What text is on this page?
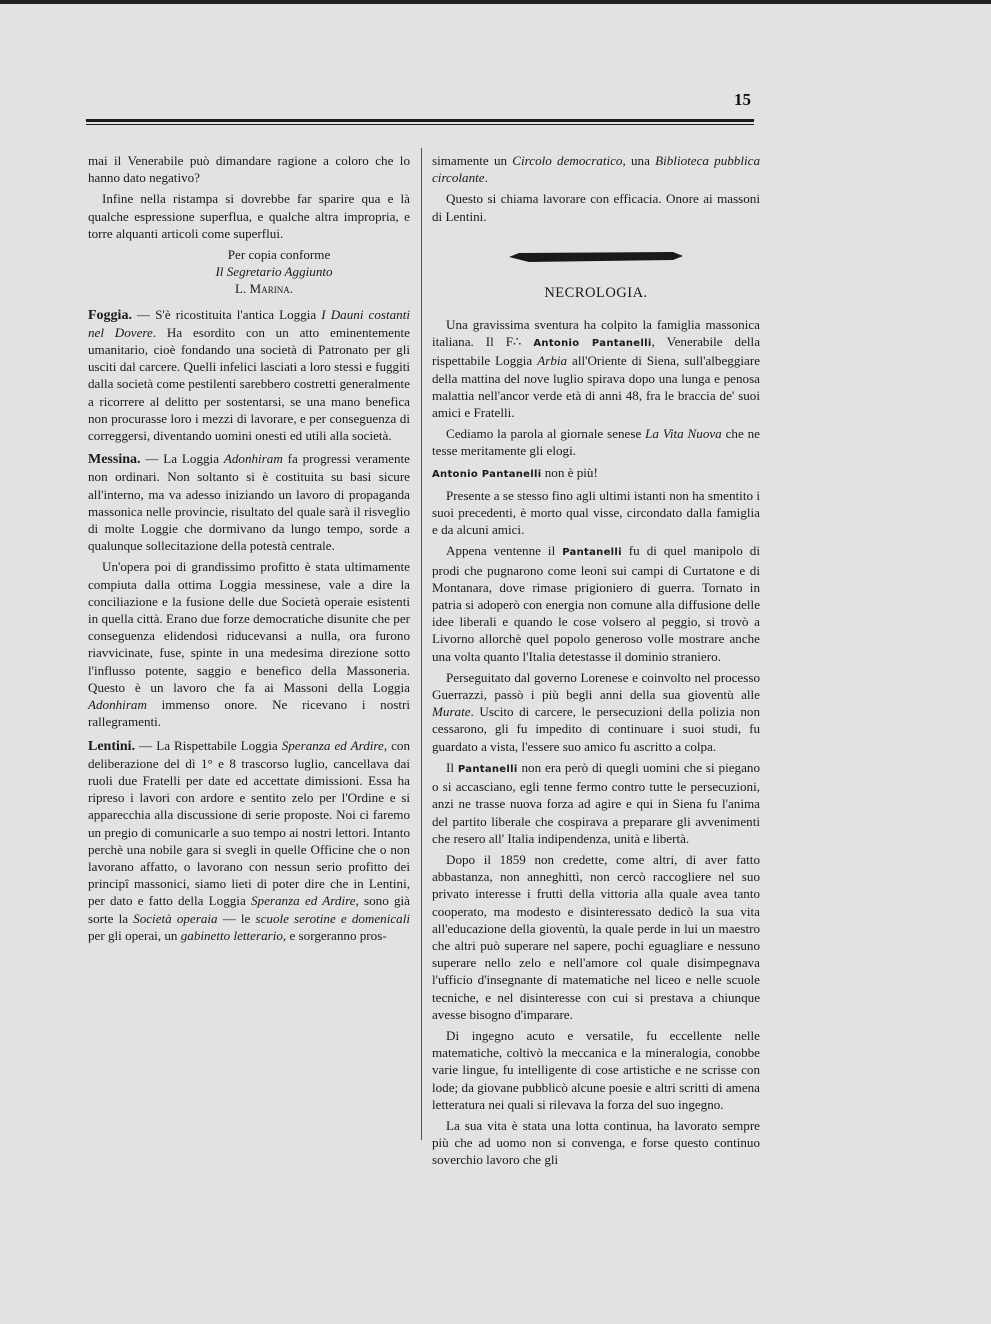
15

mai il Venerabile può dimandare ragione a coloro che lo hanno dato negativo?

Infine nella ristampa si dovrebbe far sparire qua e là qualche espressione superflua, e qualche altra impropria, e torre alquanti articoli come superflui.

Per copia conforme
Il Segretario Aggiunto
L. Marina.

Foggia. — S'è ricostituita l'antica Loggia I Dauni costanti nel Dovere. Ha esordito con un atto eminentemente umanitario, cioè fondando una società di Patronato per gli usciti dal carcere. Quelli infelici lasciati a loro stessi e fuggiti dalla società come pestilenti sarebbero costretti generalmente a ricorrere al delitto per sostentarsi, se una mano benefica non procurasse loro i mezzi di lavorare, e per conseguenza di correggersi, diventando uomini onesti ed utili alla società.

Messina. — La Loggia Adonhiram fa progressi veramente non ordinari. Non soltanto si è costituita su basi sicure all'interno, ma va adesso iniziando un lavoro di propaganda massonica nelle provincie, risultato del quale sarà il risveglio di molte Loggie che dormivano da lungo tempo, sorde a qualunque sollecitazione della potestà centrale.

Un'opera poi di grandissimo profitto è stata ultimamente compiuta dalla ottima Loggia messinese, vale a dire la conciliazione e la fusione delle due Società operaie esistenti in quella città. Erano due forze democratiche disunite che per conseguenza elidendosi riducevansi a nulla, ora furono riavvicinate, fuse, spinte in una medesima direzione sotto l'influsso potente, saggio e benefico della Massoneria. Questo è un lavoro che fa ai Massoni della Loggia Adonhiram immenso onore. Ne ricevano i nostri rallegramenti.

Lentini. — La Rispettabile Loggia Speranza ed Ardire, con deliberazione del dì 1° e 8 trascorso luglio, cancellava dai ruoli due Fratelli per date ed accettate dimissioni. Essa ha ripreso i lavori con ardore e sentito zelo per l'Ordine e si apparecchia alla discussione di serie proposte. Noi ci faremo un pregio di comunicarle a suo tempo ai nostri lettori. Intanto perchè una nobile gara si svegli in quelle Officine che o non lavorano affatto, o lavorano con nessun serio profitto dei principî massonici, siamo lieti di poter dire che in Lentini, per dato e fatto della Loggia Speranza ed Ardire, sono già sorte la Società operaia — le scuole serotine e domenicali per gli operai, un gabinetto letterario, e sorgeranno pros-

simamente un Circolo democratico, una Biblioteca pubblica circolante.

Questo si chiama lavorare con efficacia. Onore ai massoni di Lentini.

NECROLOGIA.

Una gravissima sventura ha colpito la famiglia massonica italiana. Il F∴ Antonio Pantanelli, Venerabile della rispettabile Loggia Arbia all'Oriente di Siena, sull'albeggiare della mattina del nove luglio spirava dopo una lunga e penosa malattia nell'ancor verde età di anni 48, fra le braccia de' suoi amici e Fratelli.

Cediamo la parola al giornale senese La Vita Nuova che ne tesse meritamente gli elogi.

Antonio Pantanelli non è più!

Presente a se stesso fino agli ultimi istanti non ha smentito i suoi precedenti, è morto qual visse, circondato dalla famiglia e da alcuni amici.

Appena ventenne il Pantanelli fu di quel manipolo di prodi che pugnarono come leoni sui campi di Curtatone e di Montanara, dove rimase prigioniero di guerra. Tornato in patria si adoperò con energia non comune alla diffusione delle idee liberali e quando le cose volsero al peggio, si trovò a Livorno allorchè quel popolo generoso volle mostrare anche una volta quanto l'Italia detestasse il dominio straniero.

Perseguitato dal governo Lorenese e coinvolto nel processo Guerrazzi, passò i più begli anni della sua gioventù alle Murate. Uscito di carcere, le persecuzioni della polizia non cessarono, gli fu impedito di continuare i suoi studi, fu guardato a vista, l'essere suo amico fu ascritto a colpa.

Il Pantanelli non era però di quegli uomini che si piegano o si accasciano, egli tenne fermo contro tutte le persecuzioni, anzi ne trasse nuova forza ad agire e qui in Siena fu l'anima del partito liberale che cospirava a preparare gli avvenimenti che resero all' Italia indipendenza, unità e libertà.

Dopo il 1859 non credette, come altri, di aver fatto abbastanza, non anneghittì, non cercò raccogliere nel suo privato interesse i frutti della vittoria alla quale avea tanto cooperato, ma modesto e disinteressato dedicò la sua vita all'educazione della gioventù, la quale perde in lui un maestro che altri può superare nel sapere, pochi eguagliare e nessuno superare nello zelo e nell'amore col quale disimpegnava l'ufficio d'insegnante di matematiche nel liceo e nelle scuole tecniche, e nel disinteresse con cui si prestava a chiunque avesse bisogno d'imparare.

Di ingegno acuto e versatile, fu eccellente nelle matematiche, coltivò la meccanica e la mineralogia, conobbe varie lingue, fu intelligente di cose artistiche e ne scrisse con lode; da giovane pubblicò alcune poesie e altri scritti di amena letteratura nei quali si rilevava la forza del suo ingegno.

La sua vita è stata una lotta continua, ha lavorato sempre più che ad uomo non si convenga, e forse questo continuo soverchio lavoro che gli
